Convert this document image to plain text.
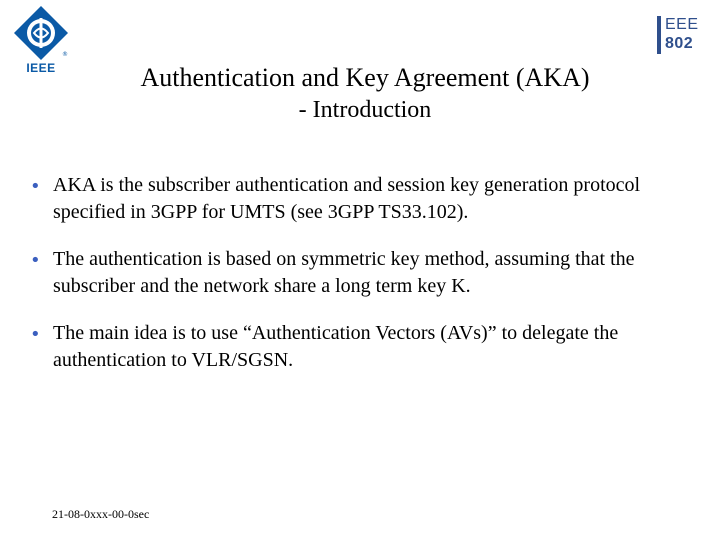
®
IEEE
EEE
802
Authentication and Key Agreement (AKA)
- Introduction
• AKA is the subscriber authentication and session key generation protocol specified in 3GPP for UMTS (see 3GPP TS33.102).
• The authentication is based on symmetric key method, assuming that the subscriber and the network share a long term key K.
• The main idea is to use “Authentication Vectors (AVs)” to delegate the authentication to VLR/SGSN.
21-08-0xxx-00-0sec
